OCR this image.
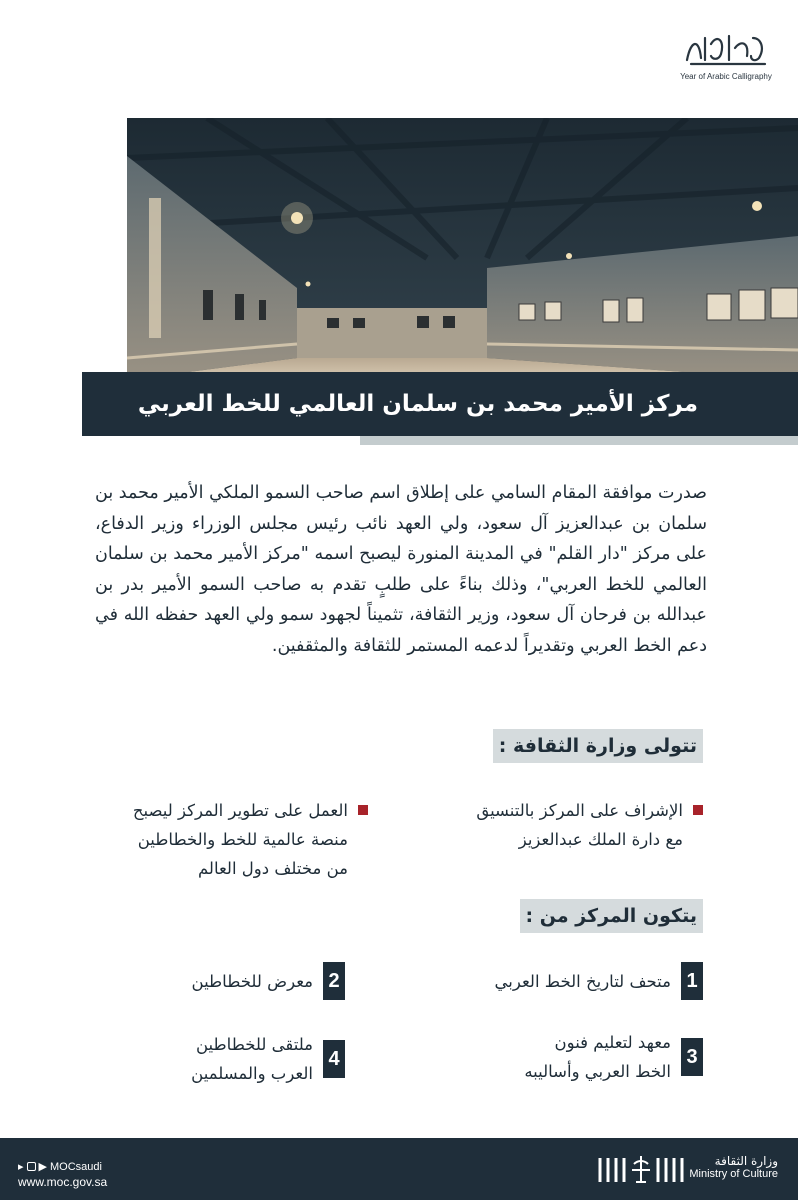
Year of Arabic Calligraphy
مركز الأمير محمد بن سلمان العالمي للخط العربي
صدرت موافقة المقام السامي على إطلاق اسم صاحب السمو الملكي الأمير محمد بن سلمان بن عبدالعزيز آل سعود، ولي العهد نائب رئيس مجلس الوزراء وزير الدفاع، على مركز "دار القلم" في المدينة المنورة ليصبح اسمه "مركز الأمير محمد بن سلمان العالمي للخط العربي"، وذلك بناءً على طلبٍ تقدم به صاحب السمو الأمير بدر بن عبدالله بن فرحان آل سعود، وزير الثقافة، تثميناً لجهود سمو ولي العهد حفظه الله في دعم الخط العربي وتقديراً لدعمه المستمر للثقافة والمثقفين.
تتولى وزارة الثقافة :
الإشراف على المركز بالتنسيق
مع دارة الملك عبدالعزيز
العمل على تطوير المركز ليصبح
منصة عالمية للخط والخطاطين
من مختلف دول العالم
يتكون المركز من :
1
متحف لتاريخ الخط العربي
2
معرض للخطاطين
3
معهد لتعليم فنون
الخط العربي وأساليبه
4
ملتقى للخطاطين
العرب والمسلمين
▸ ▶ MOCsaudi
www.moc.gov.sa
وزارة الثقافة
Ministry of Culture
